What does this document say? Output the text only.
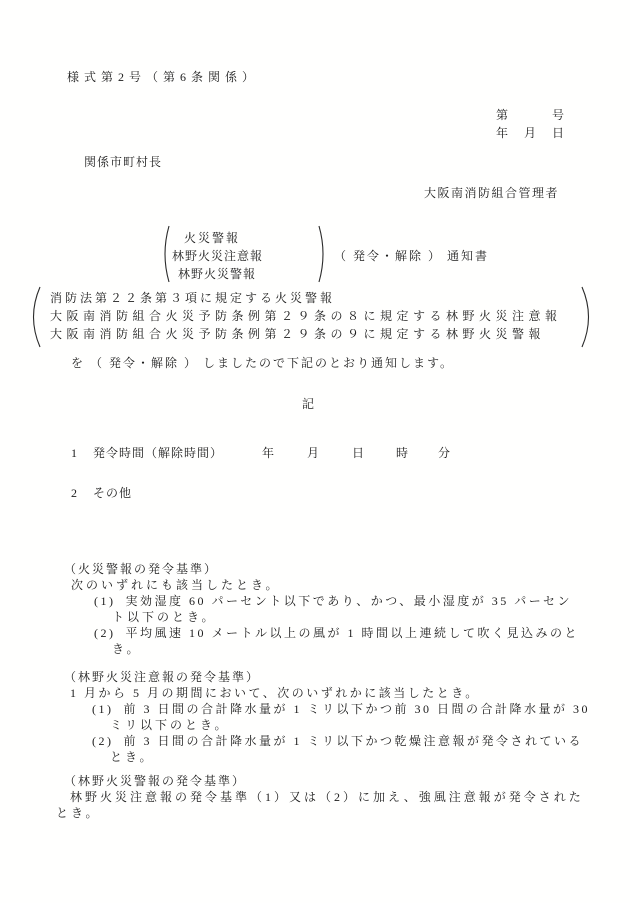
様式第2号（第6条関係）
第　　　号
年　月　日
関係市町村長
大阪南消防組合管理者
火災警報
林野火災注意報
林野火災警報
（ 発令・解除 ） 通知書
消防法第２２条第３項に規定する火災警報
大阪南消防組合火災予防条例第２９条の８に規定する林野火災注意報
大阪南消防組合火災予防条例第２９条の９に規定する林野火災警報
を （ 発令・解除 ） しましたので下記のとおり通知します。
記
1 発令時間（解除時間）	年	月	日	時 分
2 その他
（火災警報の発令基準）
次のいずれにも該当したとき。
(1) 実効湿度 60 パーセント以下であり、かつ、最小湿度が 35 パーセン
ト以下のとき。
(2) 平均風速 10 メートル以上の風が 1 時間以上連続して吹く見込みのと
き。
（林野火災注意報の発令基準）
1 月から 5 月の期間において、次のいずれかに該当したとき。
(1) 前 3 日間の合計降水量が 1 ミリ以下かつ前 30 日間の合計降水量が 30
ミリ以下のとき。
(2) 前 3 日間の合計降水量が 1 ミリ以下かつ乾燥注意報が発令されている
とき。
（林野火災警報の発令基準）
林野火災注意報の発令基準（1）又は（2）に加え、強風注意報が発令された
とき。
